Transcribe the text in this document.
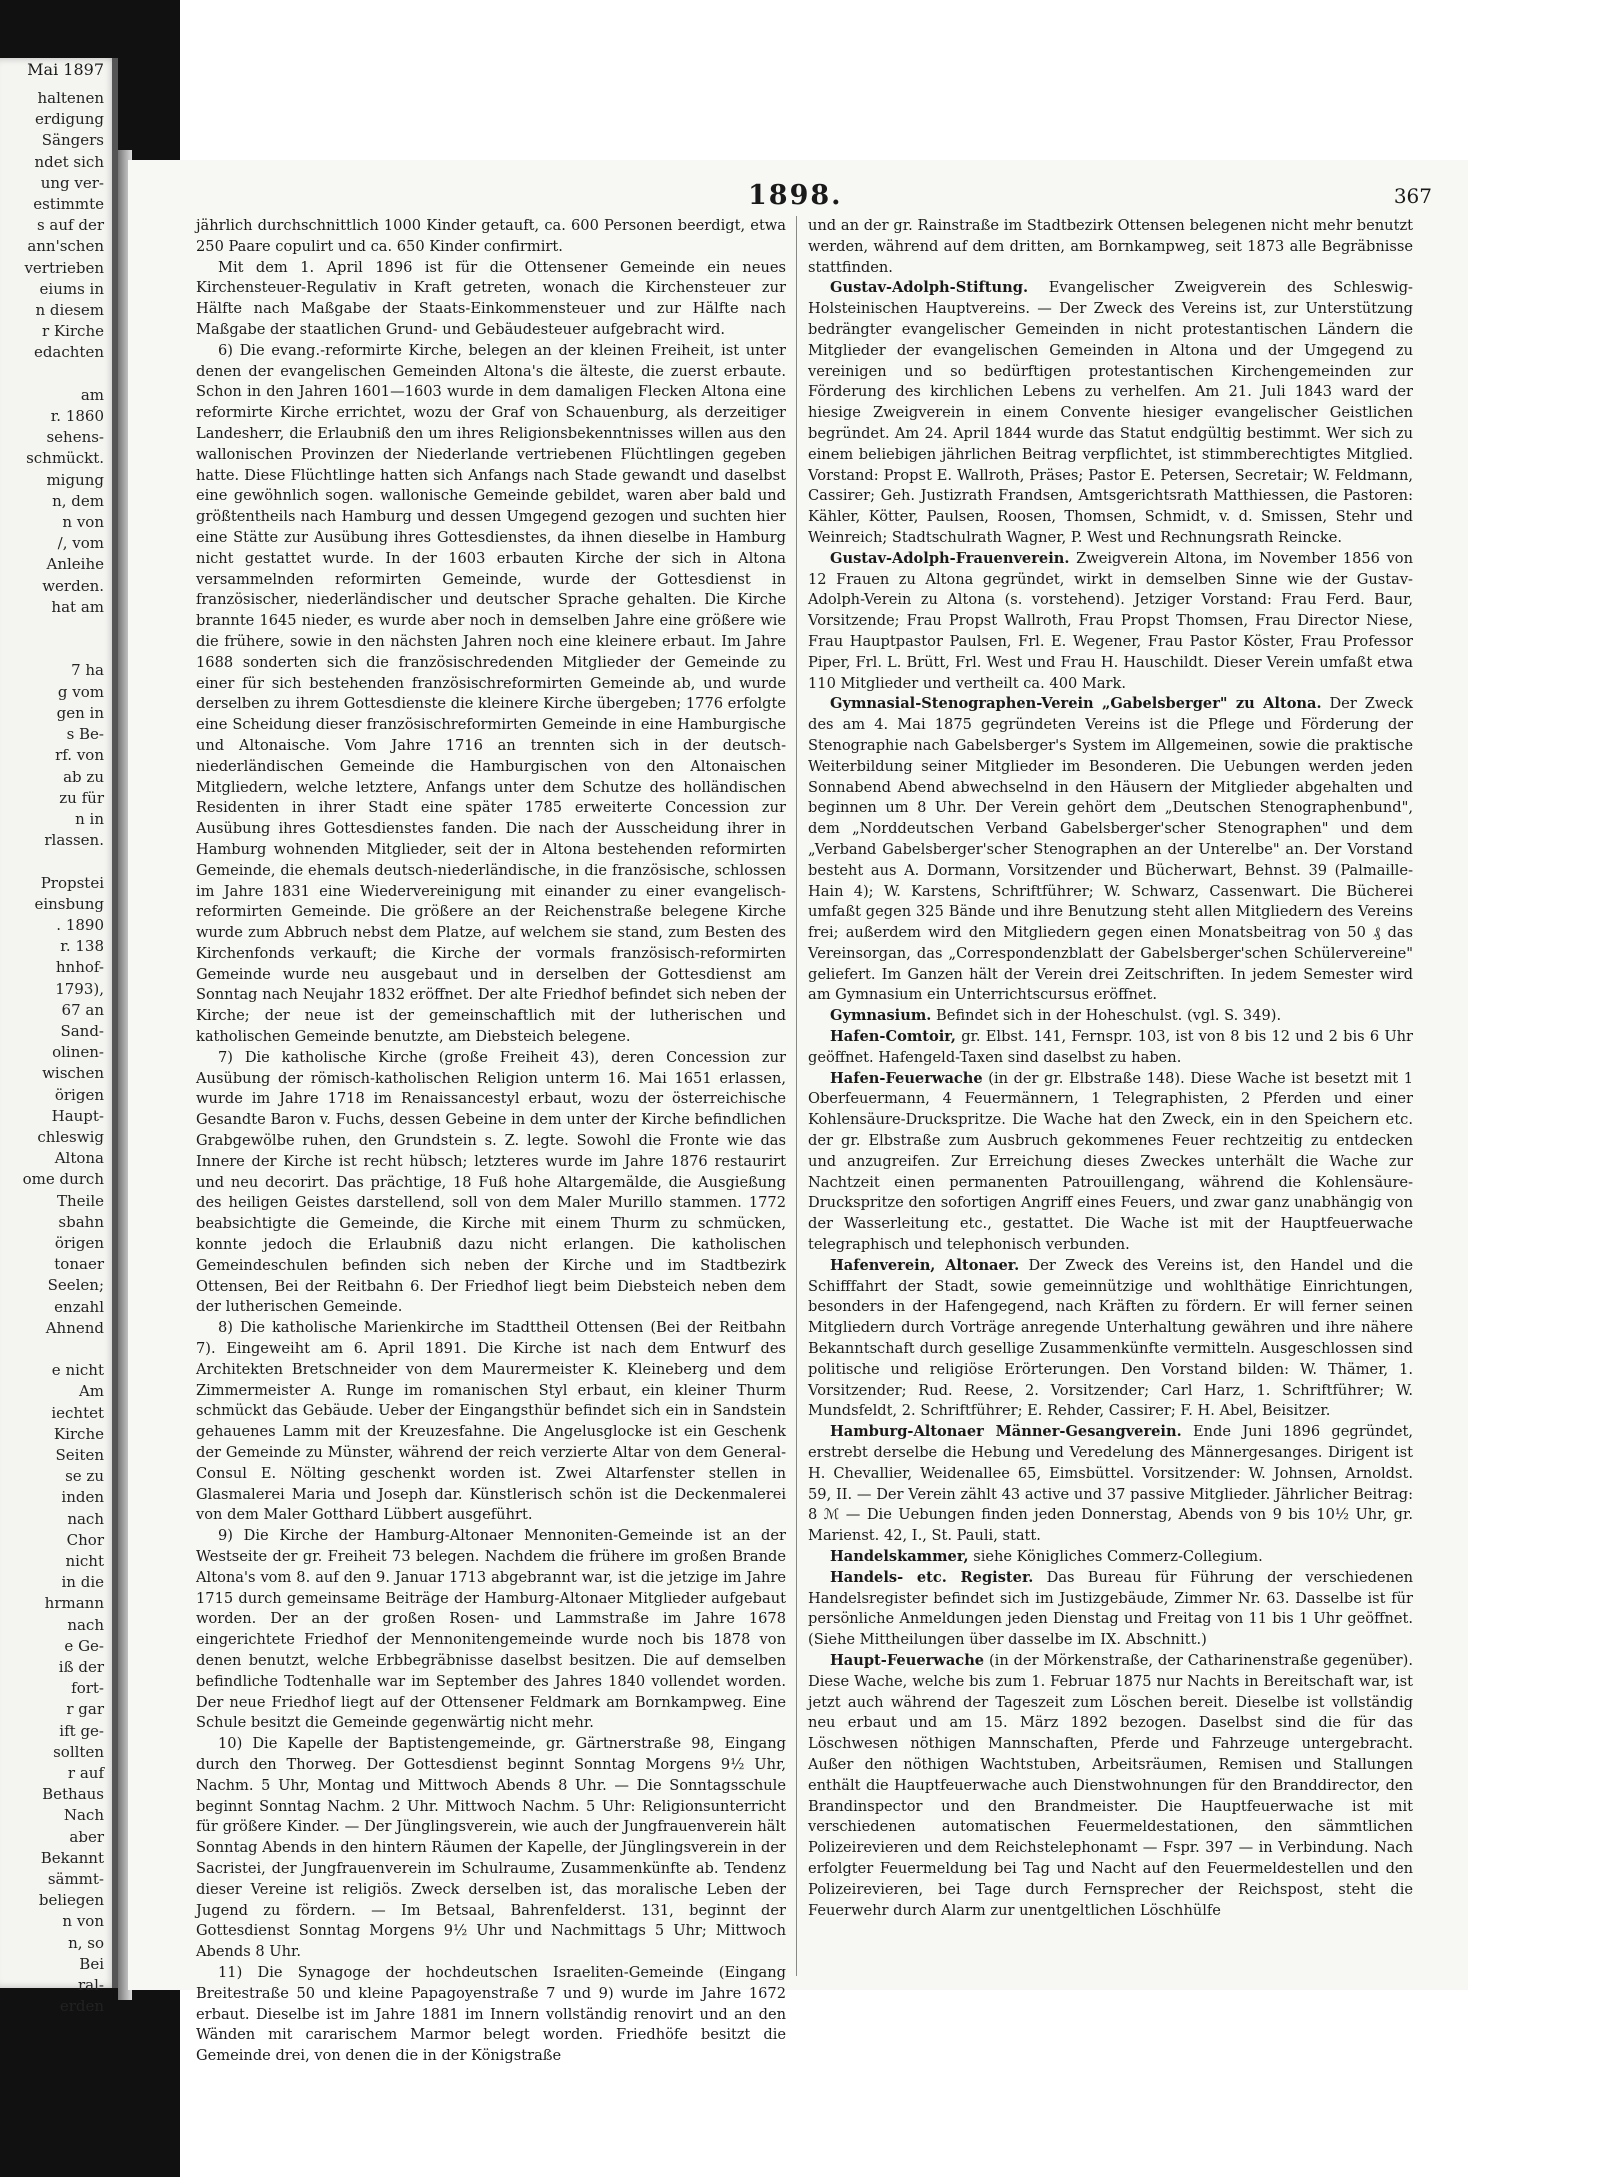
Mai 1897
haltenen
erdigung
Sängers
ndet sich
ung ver-
estimmte
s auf der
ann'schen
vertrieben
eiums in
n diesem
r Kirche
edachten

am
r. 1860
sehens-
schmückt.
migung
n, dem
n von
/, vom
Anleihe
werden.
hat am

7 ha
g vom
gen in
s Be-
rf. von
ab zu
zu für
n in
rlassen.

Propstei
einsbung
. 1890
r. 138
hnhof-
1793),
67 an
Sand-
olinen-
wischen
örigen
Haupt-
chleswig
Altona
ome durch
Theile
sbahn
örigen
tonaer
Seelen;
enzahl
Ahnend

e nicht
Am
iechtet
Kirche
Seiten
se zu
inden
nach
Chor
nicht
in die
hrmann
nach
e Ge-
iß der
fort-
r gar
ift ge-
sollten
r auf
Bethaus
Nach
aber
Bekannt
sämmt-
beliegen
n von
n, so
Bei
ral-
erden
1898.	367

jährlich durchschnittlich 1000 Kinder getauft, ca. 600 Personen beerdigt, etwa 250 Paare copulirt und ca. 650 Kinder confirmirt.

Mit dem 1. April 1896 ist für die Ottensener Gemeinde ein neues Kirchensteuer-Regulativ in Kraft getreten, wonach die Kirchensteuer zur Hälfte nach Maßgabe der Staats-Einkommensteuer und zur Hälfte nach Maßgabe der staatlichen Grund- und Gebäudesteuer aufgebracht wird.

6) Die evang.-reformirte Kirche, belegen an der kleinen Freiheit, ist unter denen der evangelischen Gemeinden Altona's die älteste, die zuerst erbaute. Schon in den Jahren 1601—1603 wurde in dem damaligen Flecken Altona eine reformirte Kirche errichtet, wozu der Graf von Schauenburg, als derzeitiger Landesherr, die Erlaubniß den um ihres Religionsbekenntnisses willen aus den wallonischen Provinzen der Niederlande vertriebenen Flüchtlingen gegeben hatte. Diese Flüchtlinge hatten sich Anfangs nach Stade gewandt und daselbst eine gewöhnlich sogen. wallonische Gemeinde gebildet, waren aber bald und größtentheils nach Hamburg und dessen Umgegend gezogen und suchten hier eine Stätte zur Ausübung ihres Gottesdienstes, da ihnen dieselbe in Hamburg nicht gestattet wurde. In der 1603 erbauten Kirche der sich in Altona versammelnden reformirten Gemeinde, wurde der Gottesdienst in französischer, niederländischer und deutscher Sprache gehalten. Die Kirche brannte 1645 nieder, es wurde aber noch in demselben Jahre eine größere wie die frühere, sowie in den nächsten Jahren noch eine kleinere erbaut. Im Jahre 1688 sonderten sich die französischredenden Mitglieder der Gemeinde zu einer für sich bestehenden französischreformirten Gemeinde ab, und wurde derselben zu ihrem Gottesdienste die kleinere Kirche übergeben; 1776 erfolgte eine Scheidung dieser französischreformirten Gemeinde in eine Hamburgische und Altonaische. Vom Jahre 1716 an trennten sich in der deutsch-niederländischen Gemeinde die Hamburgischen von den Altonaischen Mitgliedern, welche letztere, Anfangs unter dem Schutze des holländischen Residenten in ihrer Stadt eine später 1785 erweiterte Concession zur Ausübung ihres Gottesdienstes fanden. Die nach der Ausscheidung ihrer in Hamburg wohnenden Mitglieder, seit der in Altona bestehenden reformirten Gemeinde, die ehemals deutsch-niederländische, in die französische, schlossen im Jahre 1831 eine Wiedervereinigung mit einander zu einer evangelisch-reformirten Gemeinde. Die größere an der Reichenstraße belegene Kirche wurde zum Abbruch nebst dem Platze, auf welchem sie stand, zum Besten des Kirchenfonds verkauft; die Kirche der vormals französisch-reformirten Gemeinde wurde neu ausgebaut und in derselben der Gottesdienst am Sonntag nach Neujahr 1832 eröffnet. Der alte Friedhof befindet sich neben der Kirche; der neue ist der gemeinschaftlich mit der lutherischen und katholischen Gemeinde benutzte, am Diebsteich belegene.

7) Die katholische Kirche (große Freiheit 43), deren Concession zur Ausübung der römisch-katholischen Religion unterm 16. Mai 1651 erlassen, wurde im Jahre 1718 im Renaissancestyl erbaut, wozu der österreichische Gesandte Baron v. Fuchs, dessen Gebeine in dem unter der Kirche befindlichen Grabgewölbe ruhen, den Grundstein s. Z. legte. Sowohl die Fronte wie das Innere der Kirche ist recht hübsch; letzteres wurde im Jahre 1876 restaurirt und neu decorirt. Das prächtige, 18 Fuß hohe Altargemälde, die Ausgießung des heiligen Geistes darstellend, soll von dem Maler Murillo stammen. 1772 beabsichtigte die Gemeinde, die Kirche mit einem Thurm zu schmücken, konnte jedoch die Erlaubniß dazu nicht erlangen. Die katholischen Gemeindeschulen befinden sich neben der Kirche und im Stadtbezirk Ottensen, Bei der Reitbahn 6. Der Friedhof liegt beim Diebsteich neben dem der lutherischen Gemeinde.

8) Die katholische Marienkirche im Stadttheil Ottensen (Bei der Reitbahn 7). Eingeweiht am 6. April 1891. Die Kirche ist nach dem Entwurf des Architekten Bretschneider von dem Maurermeister K. Kleineberg und dem Zimmermeister A. Runge im romanischen Styl erbaut, ein kleiner Thurm schmückt das Gebäude. Ueber der Eingangsthür befindet sich ein in Sandstein gehauenes Lamm mit der Kreuzesfahne. Die Angelusglocke ist ein Geschenk der Gemeinde zu Münster, während der reich verzierte Altar von dem General-Consul E. Nölting geschenkt worden ist. Zwei Altarfenster stellen in Glasmalerei Maria und Joseph dar. Künstlerisch schön ist die Deckenmalerei von dem Maler Gotthard Lübbert ausgeführt.

9) Die Kirche der Hamburg-Altonaer Mennoniten-Gemeinde ist an der Westseite der gr. Freiheit 73 belegen. Nachdem die frühere im großen Brande Altona's vom 8. auf den 9. Januar 1713 abgebrannt war, ist die jetzige im Jahre 1715 durch gemeinsame Beiträge der Hamburg-Altonaer Mitglieder aufgebaut worden. Der an der großen Rosen- und Lammstraße im Jahre 1678 eingerichtete Friedhof der Mennonitengemeinde wurde noch bis 1878 von denen benutzt, welche Erbbegräbnisse daselbst besitzen. Die auf demselben befindliche Todtenhalle war im September des Jahres 1840 vollendet worden. Der neue Friedhof liegt auf der Ottensener Feldmark am Bornkampweg. Eine Schule besitzt die Gemeinde gegenwärtig nicht mehr.

10) Die Kapelle der Baptistengemeinde, gr. Gärtnerstraße 98, Eingang durch den Thorweg. Der Gottesdienst beginnt Sonntag Morgens 9½ Uhr, Nachm. 5 Uhr, Montag und Mittwoch Abends 8 Uhr. — Die Sonntagsschule beginnt Sonntag Nachm. 2 Uhr. Mittwoch Nachm. 5 Uhr: Religionsunterricht für größere Kinder. — Der Jünglingsverein, wie auch der Jungfrauenverein hält Sonntag Abends in den hintern Räumen der Kapelle, der Jünglingsverein in der Sacristei, der Jungfrauenverein im Schulraume, Zusammenkünfte ab. Tendenz dieser Vereine ist religiös. Zweck derselben ist, das moralische Leben der Jugend zu fördern. — Im Betsaal, Bahrenfelderst. 131, beginnt der Gottesdienst Sonntag Morgens 9½ Uhr und Nachmittags 5 Uhr; Mittwoch Abends 8 Uhr.

11) Die Synagoge der hochdeutschen Israeliten-Gemeinde (Eingang Breitestraße 50 und kleine Papagoyenstraße 7 und 9) wurde im Jahre 1672 erbaut. Dieselbe ist im Jahre 1881 im Innern vollständig renovirt und an den Wänden mit cararischem Marmor belegt worden. Friedhöfe besitzt die Gemeinde drei, von denen die in der Königstraße

und an der gr. Rainstraße im Stadtbezirk Ottensen belegenen nicht mehr benutzt werden, während auf dem dritten, am Bornkampweg, seit 1873 alle Begräbnisse stattfinden.

Gustav-Adolph-Stiftung. Evangelischer Zweigverein des Schleswig-Holsteinischen Hauptvereins. — Der Zweck des Vereins ist, zur Unterstützung bedrängter evangelischer Gemeinden in nicht protestantischen Ländern die Mitglieder der evangelischen Gemeinden in Altona und der Umgegend zu vereinigen und so bedürftigen protestantischen Kirchengemeinden zur Förderung des kirchlichen Lebens zu verhelfen. Am 21. Juli 1843 ward der hiesige Zweigverein in einem Convente hiesiger evangelischer Geistlichen begründet. Am 24. April 1844 wurde das Statut endgültig bestimmt. Wer sich zu einem beliebigen jährlichen Beitrag verpflichtet, ist stimmberechtigtes Mitglied. Vorstand: Propst E. Wallroth, Präses; Pastor E. Petersen, Secretair; W. Feldmann, Cassirer; Geh. Justizrath Frandsen, Amtsgerichtsrath Matthiessen, die Pastoren: Kähler, Kötter, Paulsen, Roosen, Thomsen, Schmidt, v. d. Smissen, Stehr und Weinreich; Stadtschulrath Wagner, P. West und Rechnungsrath Reincke.

Gustav-Adolph-Frauenverein. Zweigverein Altona, im November 1856 von 12 Frauen zu Altona gegründet, wirkt in demselben Sinne wie der Gustav-Adolph-Verein zu Altona (s. vorstehend). Jetziger Vorstand: Frau Ferd. Baur, Vorsitzende; Frau Propst Wallroth, Frau Propst Thomsen, Frau Director Niese, Frau Hauptpastor Paulsen, Frl. E. Wegener, Frau Pastor Köster, Frau Professor Piper, Frl. L. Brütt, Frl. West und Frau H. Hauschildt. Dieser Verein umfaßt etwa 110 Mitglieder und vertheilt ca. 400 Mark.

Gymnasial-Stenographen-Verein „Gabelsberger" zu Altona. Der Zweck des am 4. Mai 1875 gegründeten Vereins ist die Pflege und Förderung der Stenographie nach Gabelsberger's System im Allgemeinen, sowie die praktische Weiterbildung seiner Mitglieder im Besonderen. Die Uebungen werden jeden Sonnabend Abend abwechselnd in den Häusern der Mitglieder abgehalten und beginnen um 8 Uhr. Der Verein gehört dem „Deutschen Stenographenbund", dem „Norddeutschen Verband Gabelsberger'scher Stenographen" und dem „Verband Gabelsberger'scher Stenographen an der Unterelbe" an. Der Vorstand besteht aus A. Dormann, Vorsitzender und Bücherwart, Behnst. 39 (Palmaille-Hain 4); W. Karstens, Schriftführer; W. Schwarz, Cassenwart. Die Bücherei umfaßt gegen 325 Bände und ihre Benutzung steht allen Mitgliedern des Vereins frei; außerdem wird den Mitgliedern gegen einen Monatsbeitrag von 50 ₰ das Vereinsorgan, das „Correspondenzblatt der Gabelsberger'schen Schülervereine" geliefert. Im Ganzen hält der Verein drei Zeitschriften. In jedem Semester wird am Gymnasium ein Unterrichtscursus eröffnet.

Gymnasium. Befindet sich in der Hoheschulst. (vgl. S. 349).

Hafen-Comtoir, gr. Elbst. 141, Fernspr. 103, ist von 8 bis 12 und 2 bis 6 Uhr geöffnet. Hafengeld-Taxen sind daselbst zu haben.

Hafen-Feuerwache (in der gr. Elbstraße 148). Diese Wache ist besetzt mit 1 Oberfeuermann, 4 Feuermännern, 1 Telegraphisten, 2 Pferden und einer Kohlensäure-Druckspritze. Die Wache hat den Zweck, ein in den Speichern etc. der gr. Elbstraße zum Ausbruch gekommenes Feuer rechtzeitig zu entdecken und anzugreifen. Zur Erreichung dieses Zweckes unterhält die Wache zur Nachtzeit einen permanenten Patrouillengang, während die Kohlensäure-Druckspritze den sofortigen Angriff eines Feuers, und zwar ganz unabhängig von der Wasserleitung etc., gestattet. Die Wache ist mit der Hauptfeuerwache telegraphisch und telephonisch verbunden.

Hafenverein, Altonaer. Der Zweck des Vereins ist, den Handel und die Schifffahrt der Stadt, sowie gemeinnützige und wohlthätige Einrichtungen, besonders in der Hafengegend, nach Kräften zu fördern. Er will ferner seinen Mitgliedern durch Vorträge anregende Unterhaltung gewähren und ihre nähere Bekanntschaft durch gesellige Zusammenkünfte vermitteln. Ausgeschlossen sind politische und religiöse Erörterungen. Den Vorstand bilden: W. Thämer, 1. Vorsitzender; Rud. Reese, 2. Vorsitzender; Carl Harz, 1. Schriftführer; W. Mundsfeldt, 2. Schriftführer; E. Rehder, Cassirer; F. H. Abel, Beisitzer.

Hamburg-Altonaer Männer-Gesangverein. Ende Juni 1896 gegründet, erstrebt derselbe die Hebung und Veredelung des Männergesanges. Dirigent ist H. Chevallier, Weidenallee 65, Eimsbüttel. Vorsitzender: W. Johnsen, Arnoldst. 59, II. — Der Verein zählt 43 active und 37 passive Mitglieder. Jährlicher Beitrag: 8 ℳ — Die Uebungen finden jeden Donnerstag, Abends von 9 bis 10½ Uhr, gr. Marienst. 42, I., St. Pauli, statt.

Handelskammer, siehe Königliches Commerz-Collegium.

Handels- etc. Register. Das Bureau für Führung der verschiedenen Handelsregister befindet sich im Justizgebäude, Zimmer Nr. 63. Dasselbe ist für persönliche Anmeldungen jeden Dienstag und Freitag von 11 bis 1 Uhr geöffnet. (Siehe Mittheilungen über dasselbe im IX. Abschnitt.)

Haupt-Feuerwache (in der Mörkenstraße, der Catharinenstraße gegenüber). Diese Wache, welche bis zum 1. Februar 1875 nur Nachts in Bereitschaft war, ist jetzt auch während der Tageszeit zum Löschen bereit. Dieselbe ist vollständig neu erbaut und am 15. März 1892 bezogen. Daselbst sind die für das Löschwesen nöthigen Mannschaften, Pferde und Fahrzeuge untergebracht. Außer den nöthigen Wachtstuben, Arbeitsräumen, Remisen und Stallungen enthält die Hauptfeuerwache auch Dienstwohnungen für den Branddirector, den Brandinspector und den Brandmeister. Die Hauptfeuerwache ist mit verschiedenen automatischen Feuermeldestationen, den sämmtlichen Polizeirevieren und dem Reichstelephonamt — Fspr. 397 — in Verbindung. Nach erfolgter Feuermeldung bei Tag und Nacht auf den Feuermeldestellen und den Polizeirevieren, bei Tage durch Fernsprecher der Reichspost, steht die Feuerwehr durch Alarm zur unentgeltlichen Löschhülfe
